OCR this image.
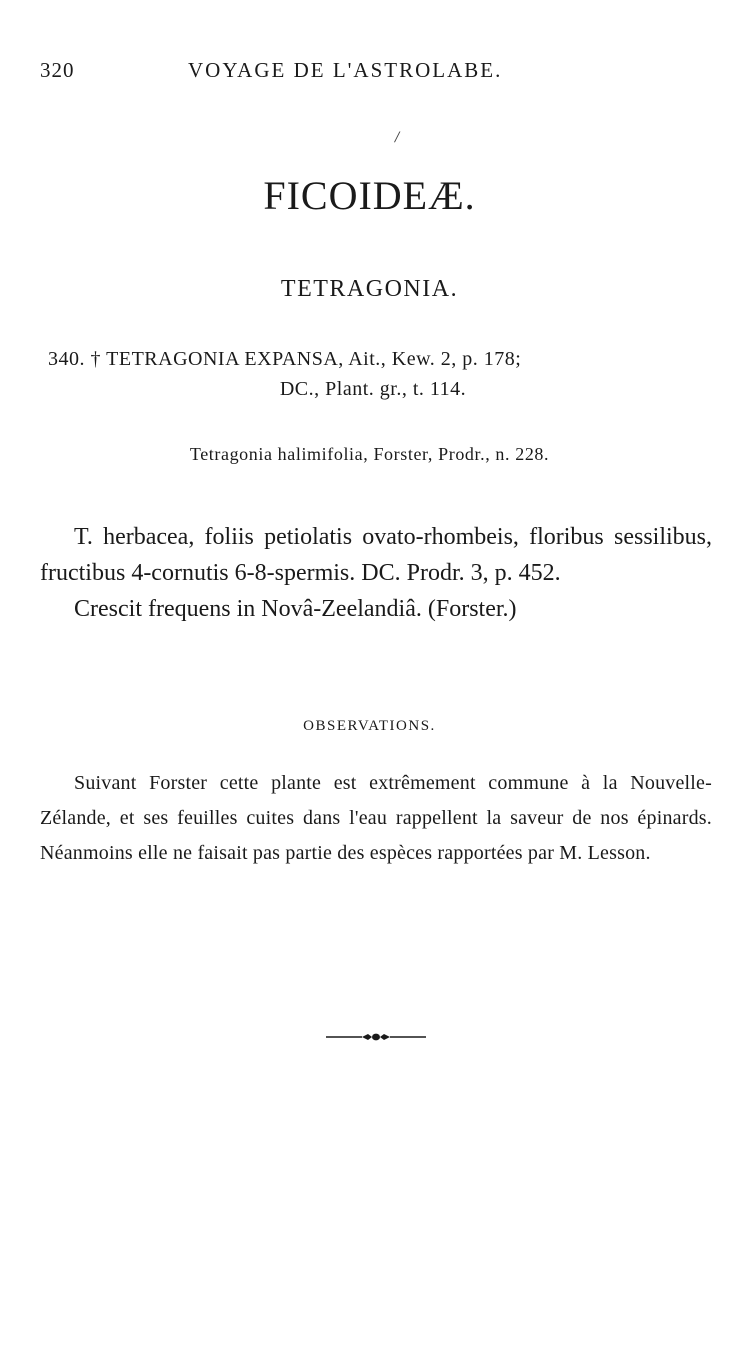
320	VOYAGE DE L'ASTROLABE.
/
FICOIDEÆ.
TETRAGONIA.
340. † TETRAGONIA EXPANSA, Ait., Kew. 2, p. 178;
DC., Plant. gr., t. 114.
Tetragonia halimifolia, Forster, Prodr., n. 228.

T. herbacea, foliis petiolatis ovato-rhombeis, floribus sessilibus, fructibus 4-cornutis 6-8-spermis. DC. Prodr. 3, p. 452.

Crescit frequens in Novâ-Zeelandiâ. (Forster.)

OBSERVATIONS.

Suivant Forster cette plante est extrêmement commune à la Nouvelle-Zélande, et ses feuilles cuites dans l'eau rappellent la saveur de nos épinards. Néanmoins elle ne faisait pas partie des espèces rapportées par M. Lesson.
